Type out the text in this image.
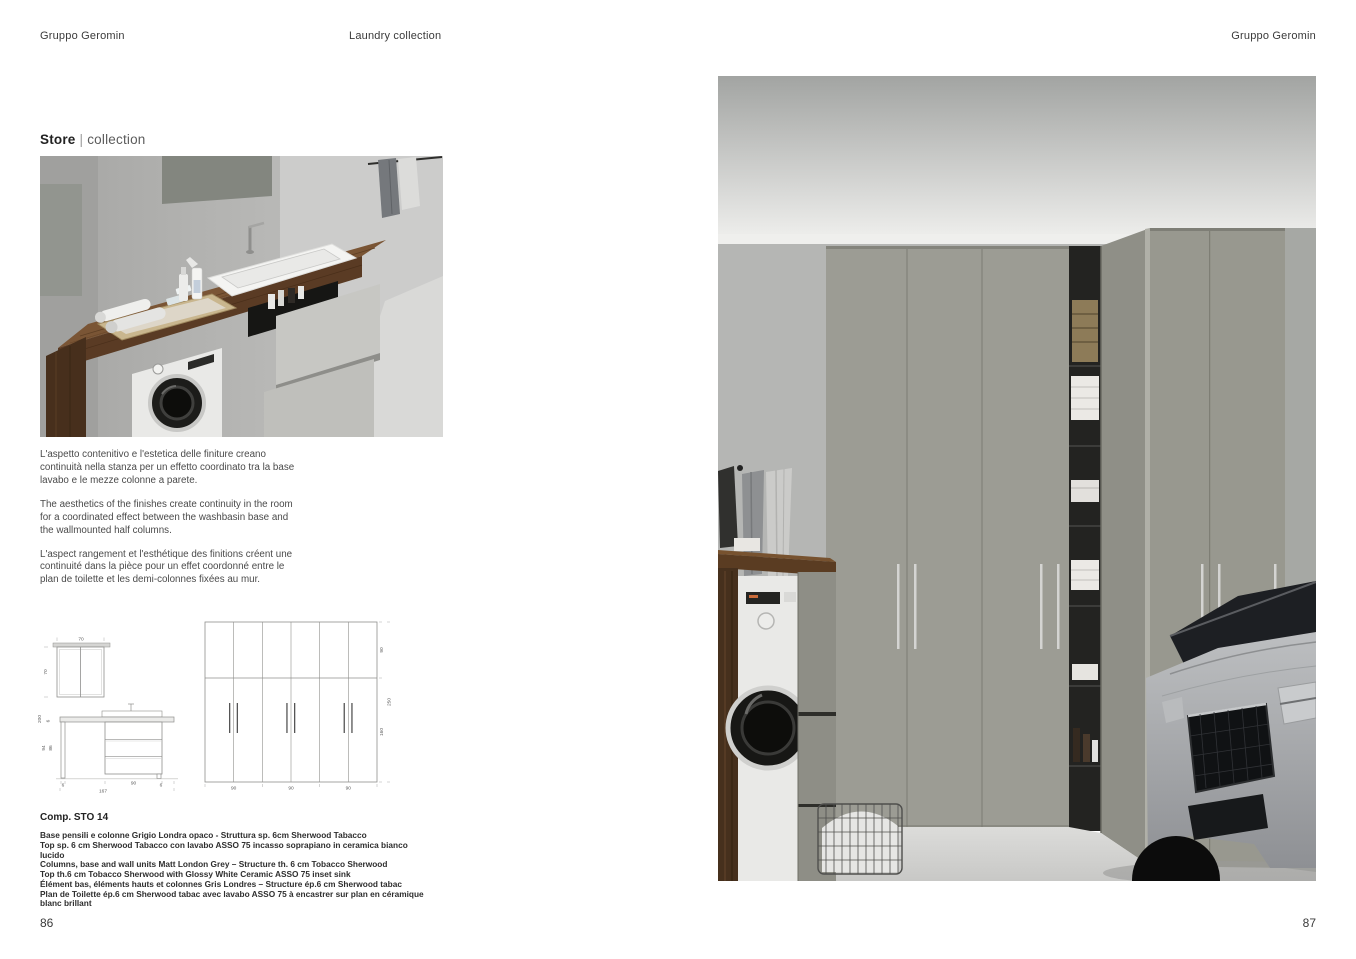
Gruppo Geromin	Laundry collection	Gruppo Geromin
Store | collection

L'aspetto contenitivo e l'estetica delle finiture creano continuità nella stanza per un effetto coordinato tra la base lavabo e le mezze colonne a parete.

The aesthetics of the finishes create continuity in the room for a coordinated effect between the washbasin base and the wallmounted half columns.

L'aspect rangement et l'esthétique des finitions créent une continuité dans la pièce pour un effet coordonné entre le plan de toilette et les demi-colonnes fixées au mur.

70
70
200 6
94 86
6	90	6
167
90
250
160
90	90	90
Comp. STO 14
Base pensili e colonne Grigio Londra opaco - Struttura sp. 6cm Sherwood Tabacco
Top sp. 6 cm Sherwood Tabacco con lavabo ASSO 75 incasso soprapiano in ceramica bianco lucido
Columns, base and wall units Matt London Grey – Structure th. 6 cm Tobacco Sherwood
Top th.6 cm Tobacco Sherwood with Glossy White Ceramic ASSO 75 inset sink
Élément bas, éléments hauts et colonnes Gris Londres – Structure ép.6 cm Sherwood tabac
Plan de Toilette ép.6 cm Sherwood tabac avec lavabo ASSO 75 à encastrer sur plan en céramique blanc brillant
86	87
